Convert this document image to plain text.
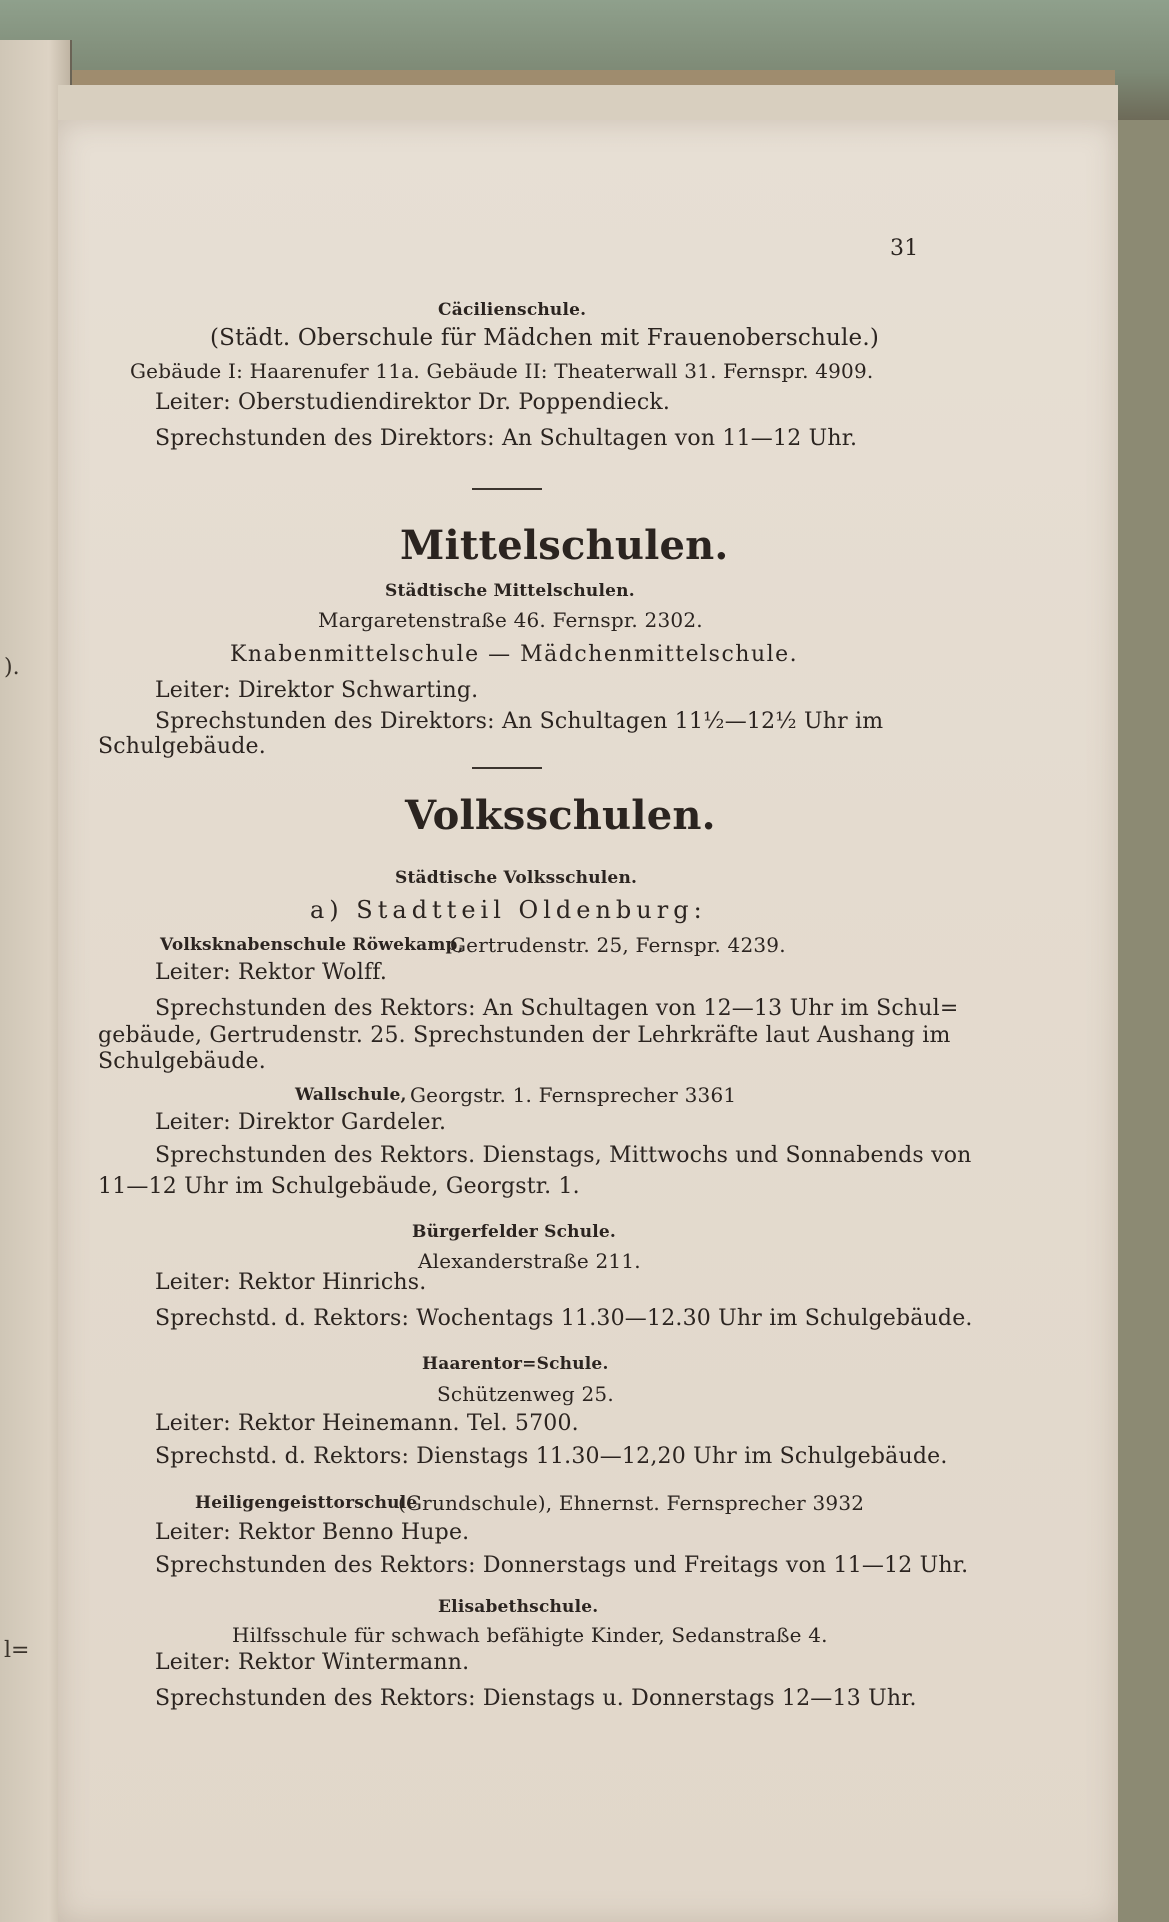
).
l=
31
Cäcilienschule.
(Städt. Oberschule für Mädchen mit Frauenoberschule.)
Gebäude I: Haarenufer 11a. Gebäude II: Theaterwall 31. Fernspr. 4909.
Leiter: Oberstudiendirektor Dr. Poppendieck.
Sprechstunden des Direktors: An Schultagen von 11—12 Uhr.
Mittelschulen.
Städtische Mittelschulen.
Margaretenstraße 46. Fernspr. 2302.
Knabenmittelschule — Mädchenmittelschule.
Leiter: Direktor Schwarting.
Sprechstunden des Direktors: An Schultagen 11½—12½ Uhr im
Schulgebäude.
Volksschulen.
Städtische Volksschulen.
a) Stadtteil Oldenburg:
Volksknabenschule Röwekamp,
Gertrudenstr. 25, Fernspr. 4239.
Leiter: Rektor Wolff.
Sprechstunden des Rektors: An Schultagen von 12—13 Uhr im Schul=
gebäude, Gertrudenstr. 25. Sprechstunden der Lehrkräfte laut Aushang im
Schulgebäude.
Wallschule, Georgstr. 1. Fernsprecher 3361
Leiter: Direktor Gardeler.
Sprechstunden des Rektors. Dienstags, Mittwochs und Sonnabends von
11—12 Uhr im Schulgebäude, Georgstr. 1.
Bürgerfelder Schule.
Alexanderstraße 211.
Leiter: Rektor Hinrichs.
Sprechstd. d. Rektors: Wochentags 11.30—12.30 Uhr im Schulgebäude.
Haarentor=Schule.
Schützenweg 25.
Leiter: Rektor Heinemann. Tel. 5700.
Sprechstd. d. Rektors: Dienstags 11.30—12,20 Uhr im Schulgebäude.
Heiligengeisttorschule
(Grundschule), Ehnernst. Fernsprecher 3932
Leiter: Rektor Benno Hupe.
Sprechstunden des Rektors: Donnerstags und Freitags von 11—12 Uhr.
Elisabethschule.
Hilfsschule für schwach befähigte Kinder, Sedanstraße 4.
Leiter: Rektor Wintermann.
Sprechstunden des Rektors: Dienstags u. Donnerstags 12—13 Uhr.
